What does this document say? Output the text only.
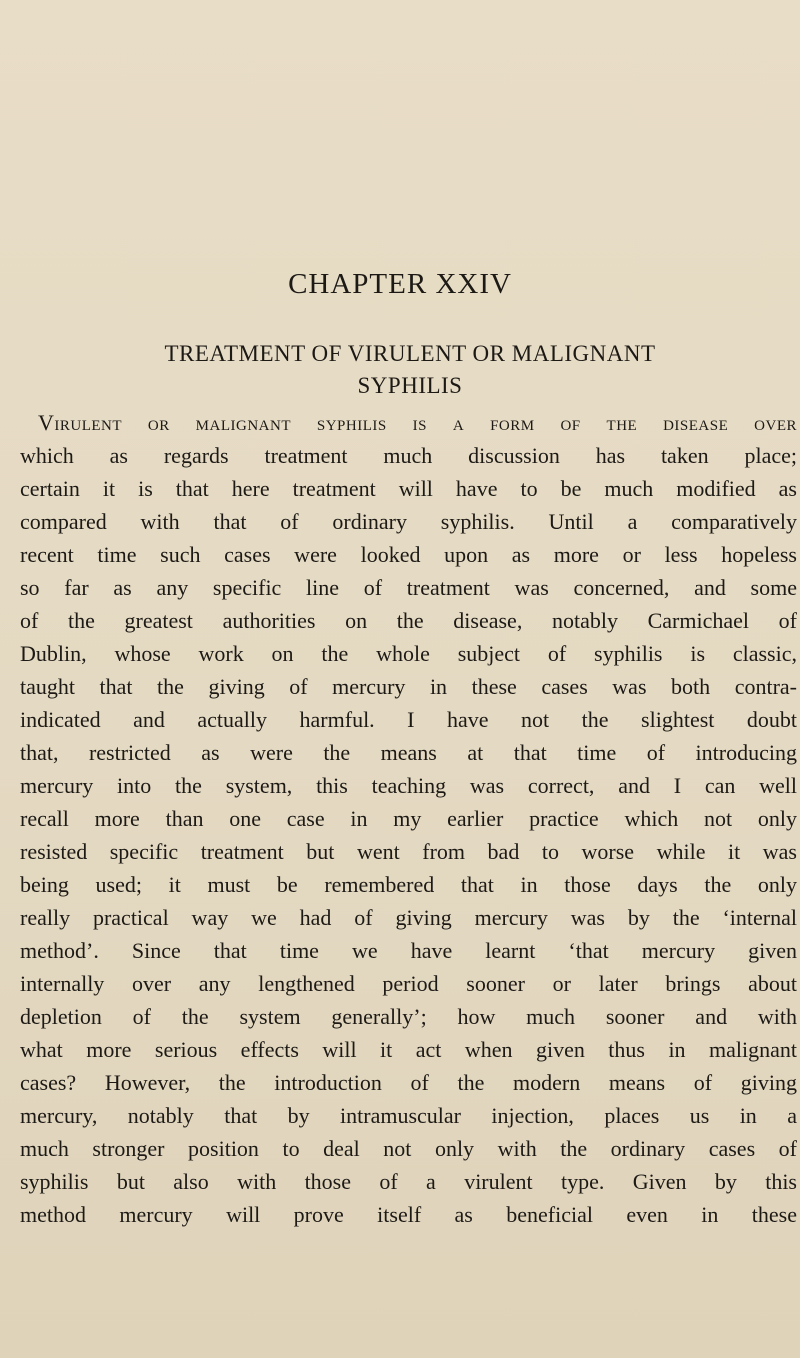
CHAPTER XXIV
TREATMENT OF VIRULENT OR MALIGNANT
SYPHILIS
Virulent or malignant syphilis is a form of the disease over
which as regards treatment much discussion has taken place;
certain it is that here treatment will have to be much modified as
compared with that of ordinary syphilis. Until a comparatively
recent time such cases were looked upon as more or less hopeless
so far as any specific line of treatment was concerned, and some
of the greatest authorities on the disease, notably Carmichael of
Dublin, whose work on the whole subject of syphilis is classic,
taught that the giving of mercury in these cases was both contra-
indicated and actually harmful. I have not the slightest doubt
that, restricted as were the means at that time of introducing
mercury into the system, this teaching was correct, and I can well
recall more than one case in my earlier practice which not only
resisted specific treatment but went from bad to worse while it was
being used; it must be remembered that in those days the only
really practical way we had of giving mercury was by the ‘internal
method’. Since that time we have learnt ‘that mercury given
internally over any lengthened period sooner or later brings about
depletion of the system generally’; how much sooner and with
what more serious effects will it act when given thus in malignant
cases? However, the introduction of the modern means of giving
mercury, notably that by intramuscular injection, places us in a
much stronger position to deal not only with the ordinary cases of
syphilis but also with those of a virulent type. Given by this
method mercury will prove itself as beneficial even in these
